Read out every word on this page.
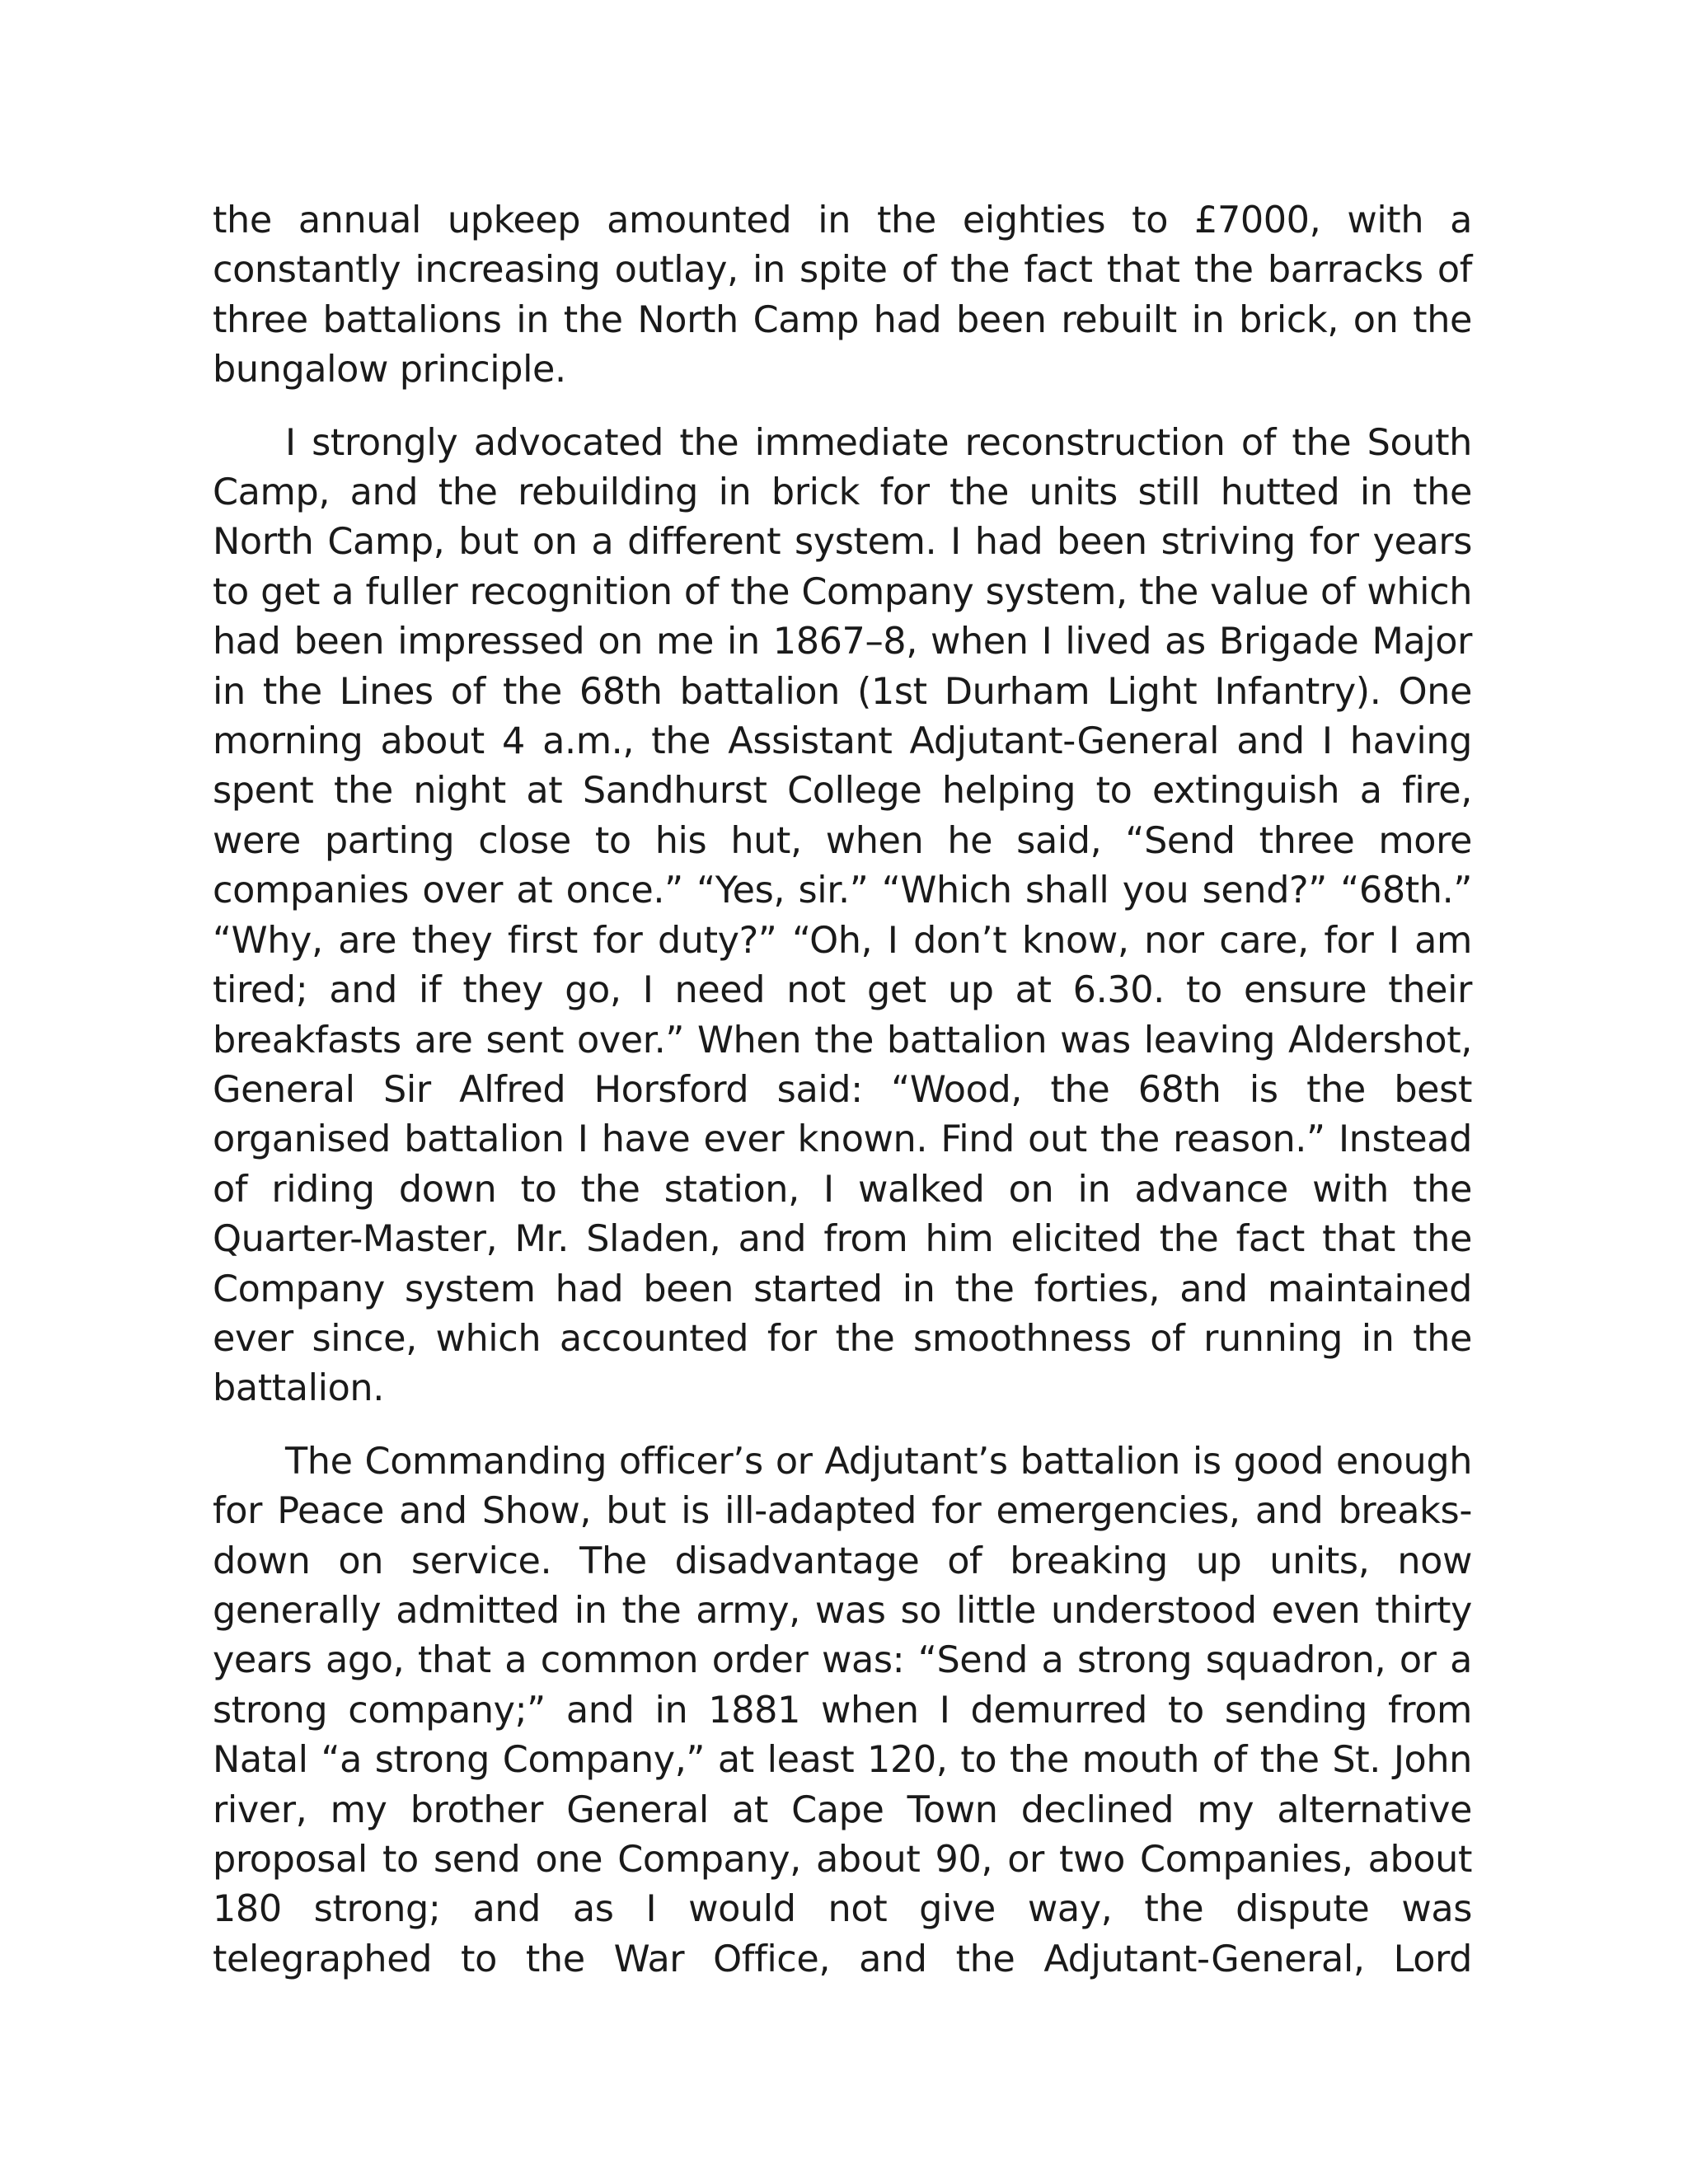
the annual upkeep amounted in the eighties to £7000, with a constantly increasing outlay, in spite of the fact that the barracks of three battalions in the North Camp had been rebuilt in brick, on the bungalow principle.

I strongly advocated the immediate reconstruction of the South Camp, and the rebuilding in brick for the units still hutted in the North Camp, but on a different system. I had been striving for years to get a fuller recognition of the Company system, the value of which had been impressed on me in 1867–8, when I lived as Brigade Major in the Lines of the 68th battalion (1st Durham Light Infantry). One morning about 4 a.m., the Assistant Adjutant-General and I having spent the night at Sandhurst College helping to extinguish a fire, were parting close to his hut, when he said, “Send three more companies over at once.” “Yes, sir.” “Which shall you send?” “68th.” “Why, are they first for duty?” “Oh, I don’t know, nor care, for I am tired; and if they go, I need not get up at 6.30. to ensure their breakfasts are sent over.” When the battalion was leaving Aldershot, General Sir Alfred Horsford said: “Wood, the 68th is the best organised battalion I have ever known. Find out the reason.” Instead of riding down to the station, I walked on in advance with the Quarter-Master, Mr. Sladen, and from him elicited the fact that the Company system had been started in the forties, and maintained ever since, which accounted for the smoothness of running in the battalion.

The Commanding officer’s or Adjutant’s battalion is good enough for Peace and Show, but is ill-adapted for emergencies, and breaks-down on service. The disadvantage of breaking up units, now generally admitted in the army, was so little understood even thirty years ago, that a common order was: “Send a strong squadron, or a strong company;” and in 1881 when I demurred to sending from Natal “a strong Company,” at least 120, to the mouth of the St. John river, my brother General at Cape Town declined my alternative proposal to send one Company, about 90, or two Companies, about 180 strong; and as I would not give way, the dispute was telegraphed to the War Office, and the Adjutant-General, Lord
